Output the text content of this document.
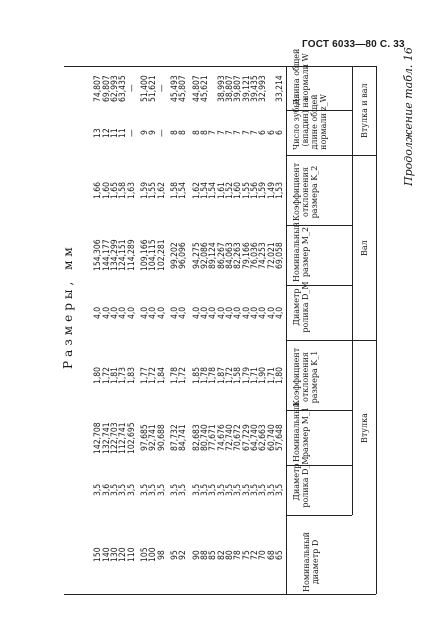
ГОСТ 6033—80 С. 33
Продолжение табл. 16
Размеры, мм
Втулка
Вал
Втулка и вал
Номинальный диаметр D
Диаметр ролика D_M
Номинальный размер M_1
Коэффициент отклонения размера K_1
Диаметр ролика D_M
Номинальный размер M_2
Коэффициент отклонения размера K_2
Число зубьев (впадин) на длине общей нормали z_W
Длина общей нормали W
65
3,5
57,648
1,80
4,0
69,058
1,53
6
33,214
68
3,5
60,740
1,71
4,0
72,021
1,49
6
70
3,5
62,663
1,90
4,0
74,253
1,59
6
32,993
72
3,5
64,740
1,71
4,0
76,036
1,56
7
39,435
75
3,5
67,729
1,79
4,0
79,166
1,55
7
39,121
78
3,5
70,672
1,58
4,0
82,263
1,60
7
39,807
80
3,5
72,740
1,72
4,0
84,063
1,52
7
38,807
82
3,5
74,676
1,87
4,0
86,267
1,61
7
38,993
85
3,5
77,671
1,78
4,0
89,124
1,54
7
88
3,5
80,740
1,78
4,0
92,086
1,54
8
45,621
90
3,5
82,683
1,85
4,0
94,275
1,62
8
44,807
92
3,5
84,741
1,72
4,0
96,096
1,54
8
45,807
95
3,5
87,732
1,78
4,0
99,202
1,58
8
45,493
98
3,5
90,688
1,84
4,0
102,281
1,62
—
—
100
3,5
92,741
1,72
4,0
104,115
1,55
9
51,621
105
3,5
97,685
1,77
4,0
109,166
1,59
9
51,400
110
3,5
102,695
1,83
4,0
114,289
1,63
—
—
120
3,5
112,741
1,73
4,0
124,151
1,58
11
63,435
130
3,5
122,703
1,81
4,0
134,299
1,65
11
62,993
140
3,6
132,741
1,72
4,0
144,177
1,60
12
69,807
150
3,5
142,708
1,80
4,0
154,306
1,66
13
74,807
